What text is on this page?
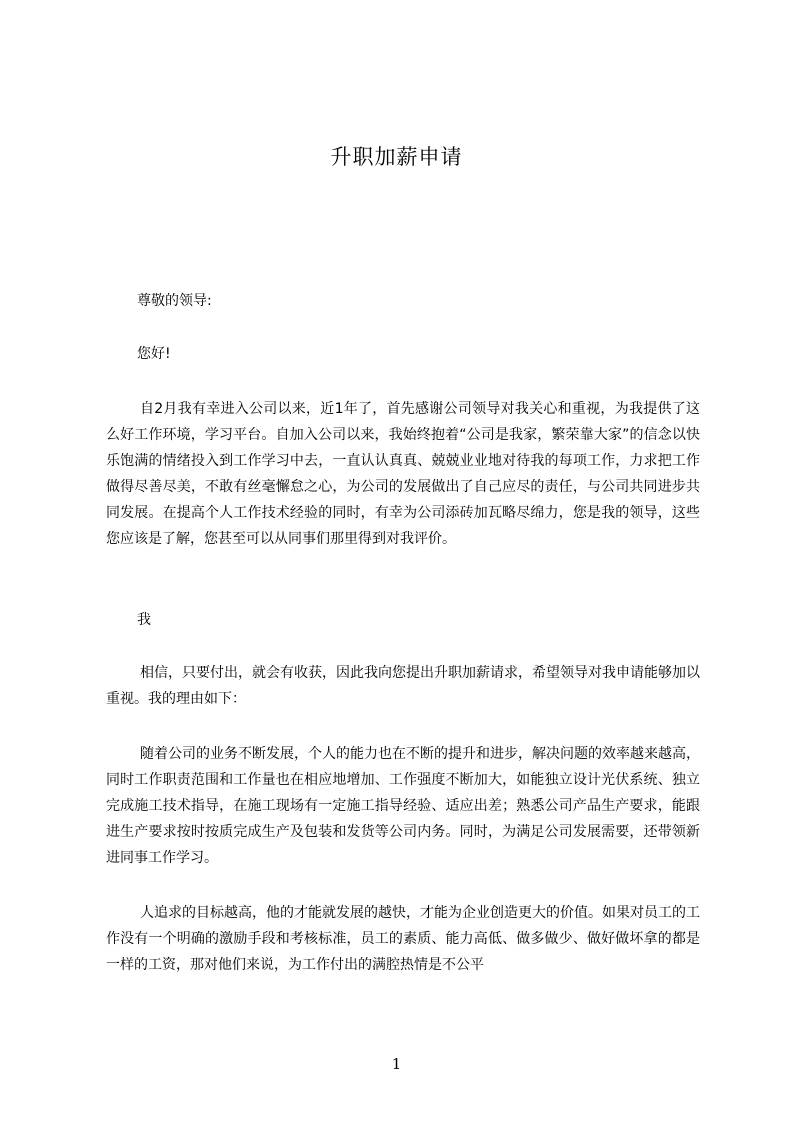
升职加薪申请
尊敬的领导:
您好!

自2月我有幸进入公司以来，近1年了，首先感谢公司领导对我关心和重视，为我提供了这么好工作环境，学习平台。自加入公司以来，我始终抱着“公司是我家，繁荣靠大家”的信念以快乐饱满的情绪投入到工作学习中去，一直认认真真、兢兢业业地对待我的每项工作，力求把工作做得尽善尽美，不敢有丝毫懈怠之心，为公司的发展做出了自己应尽的责任，与公司共同进步共同发展。在提高个人工作技术经验的同时，有幸为公司添砖加瓦略尽绵力，您是我的领导，这些您应该是了解，您甚至可以从同事们那里得到对我评价。

我

相信，只要付出，就会有收获，因此我向您提出升职加薪请求，希望领导对我申请能够加以重视。我的理由如下：

随着公司的业务不断发展，个人的能力也在不断的提升和进步，解决问题的效率越来越高，同时工作职责范围和工作量也在相应地增加、工作强度不断加大，如能独立设计光伏系统、独立完成施工技术指导，在施工现场有一定施工指导经验、适应出差；熟悉公司产品生产要求，能跟进生产要求按时按质完成生产及包装和发货等公司内务。同时，为满足公司发展需要，还带领新进同事工作学习。

人追求的目标越高，他的才能就发展的越快，才能为企业创造更大的价值。如果对员工的工作没有一个明确的激励手段和考核标准，员工的素质、能力高低、做多做少、做好做坏拿的都是一样的工资，那对他们来说，为工作付出的满腔热情是不公平

1
